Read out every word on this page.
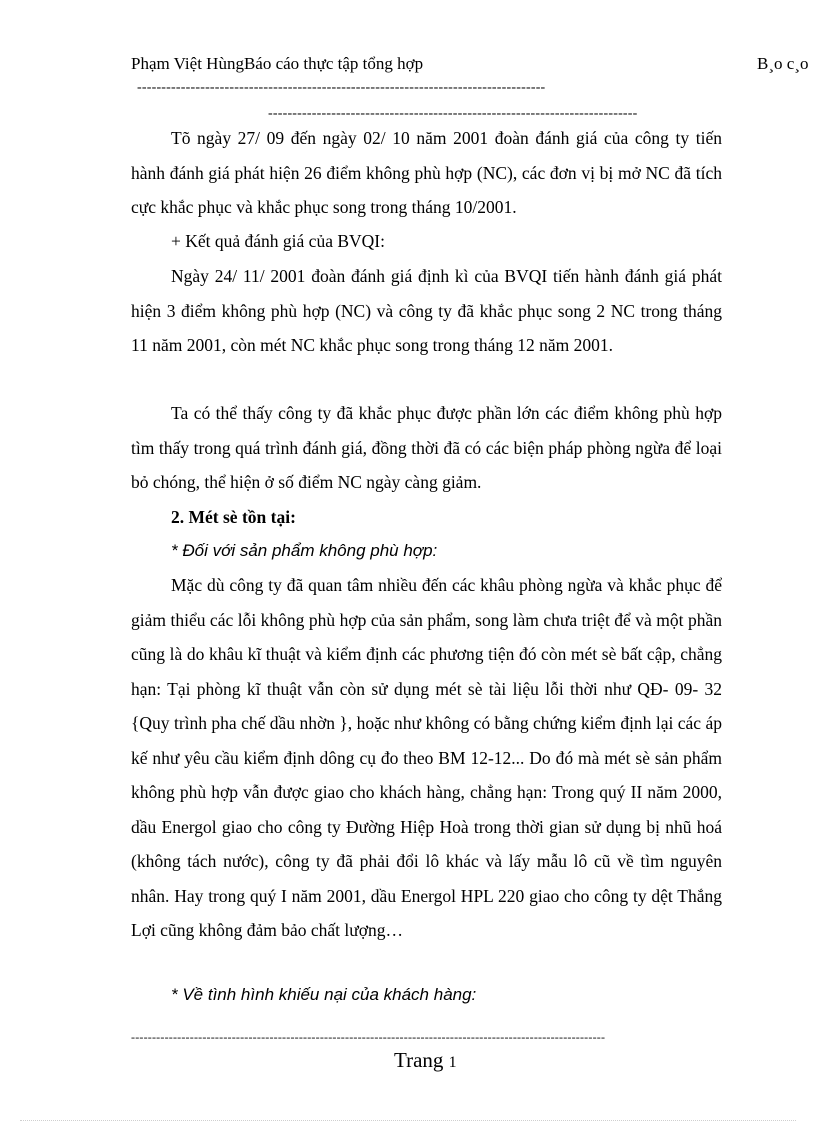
Phạm Việt HùngBáo cáo thực tập tổng hợp	B¸o c¸o
------------------------------------------------------------------------------------
----------------------------------------------------------------------------
Tõ ngày 27/ 09 đến ngày 02/ 10 năm 2001 đoàn đánh giá của công ty tiến hành đánh giá phát hiện 26 điểm không phù hợp (NC), các đơn vị bị mở NC đã tích cực khắc phục và khắc phục song trong tháng 10/2001.
+ Kết quả đánh giá của BVQI:
Ngày 24/ 11/ 2001 đoàn đánh giá định kì của BVQI tiến hành đánh giá phát hiện 3 điểm không phù hợp (NC) và công ty đã khắc phục song 2 NC trong tháng 11 năm 2001, còn mét NC khắc phục song trong tháng 12 năm 2001.
Ta có thể thấy công ty đã khắc phục được phần lớn các điểm không phù hợp tìm thấy trong quá trình đánh giá, đồng thời đã có các biện pháp phòng ngừa để loại bỏ chóng, thể hiện ở số điểm NC ngày càng giảm.
2. Mét sè tồn tại:
* Đối với sản phẩm không phù hợp:
Mặc dù công ty đã quan tâm nhiều đến các khâu phòng ngừa và khắc phục để giảm thiểu các lỗi không phù hợp của sản phẩm, song làm chưa triệt để và một phần cũng là do khâu kĩ thuật và kiểm định các phương tiện đó còn mét sè bất cập, chẳng hạn: Tại phòng kĩ thuật vẫn còn sử dụng mét sè tài liệu lỗi thời như QĐ- 09- 32 {Quy trình pha chế dầu nhờn }, hoặc như không có bằng chứng kiểm định lại các áp kế như yêu cầu kiểm định dông cụ đo theo BM 12-12... Do đó mà mét sè sản phẩm không phù hợp vẫn được giao cho khách hàng, chẳng hạn: Trong quý II năm 2000, dầu Energol giao cho công ty Đường Hiệp Hoà trong thời gian sử dụng bị nhũ hoá (không tách nước), công ty đã phải đổi lô khác và lấy mẫu lô cũ về tìm nguyên nhân. Hay trong quý I năm 2001, dầu Energol HPL 220 giao cho công ty dệt Thắng Lợi cũng không đảm bảo chất lượng…
* Về tình hình khiếu nại của khách hàng:
-----------------------------------------------------------------------------------------------------------------
Trang 1
